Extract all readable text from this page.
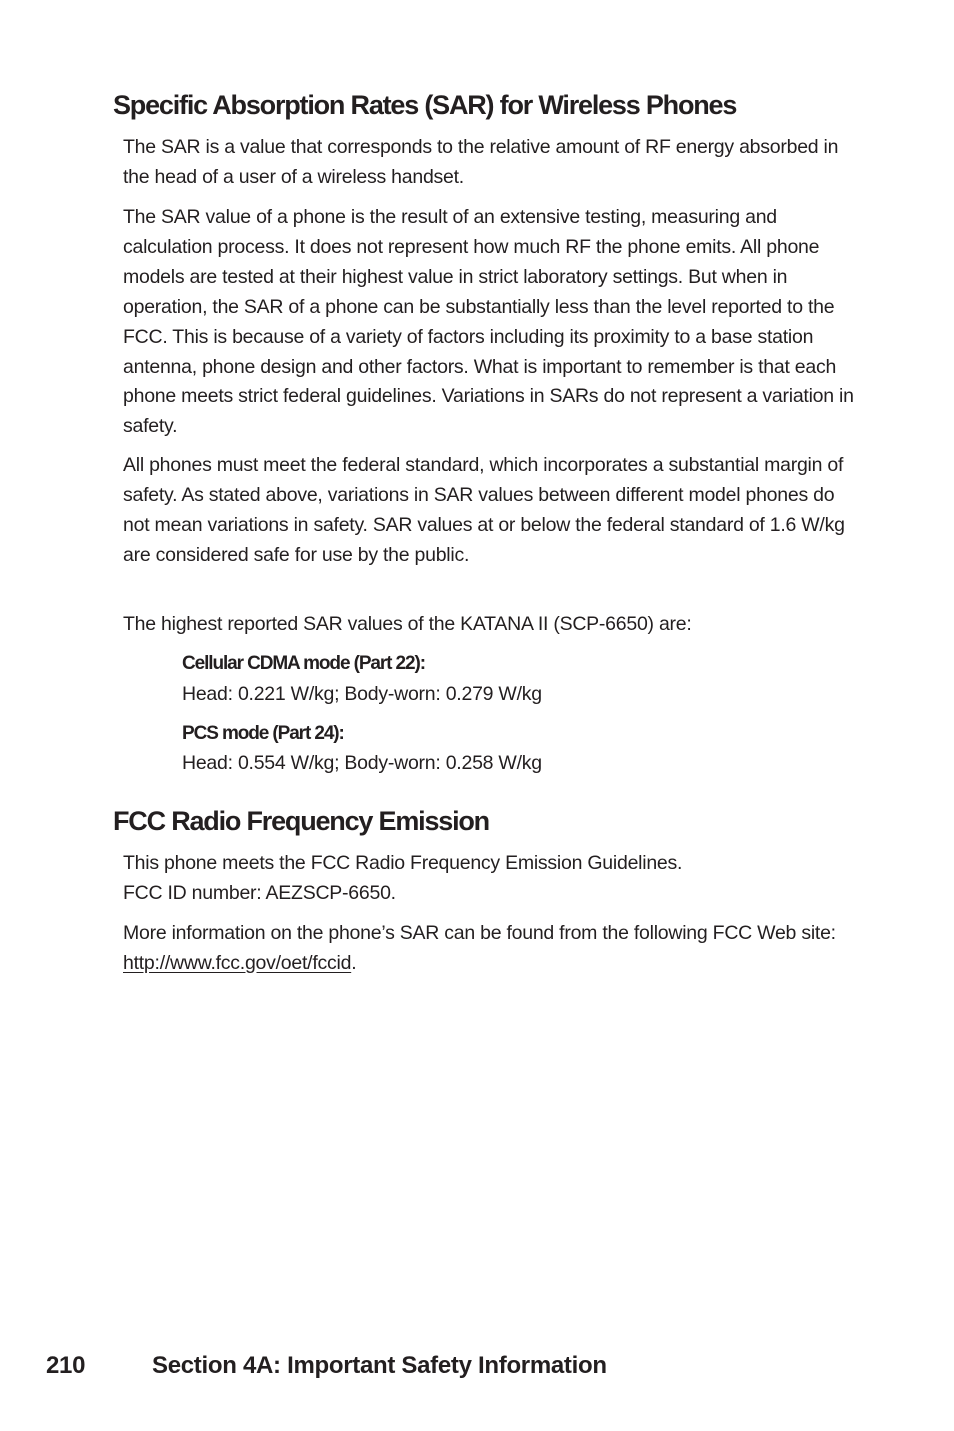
Specific Absorption Rates (SAR) for Wireless Phones

The SAR is a value that corresponds to the relative amount of RF energy absorbed in the head of a user of a wireless handset.

The SAR value of a phone is the result of an extensive testing, measuring and calculation process. It does not represent how much RF the phone emits. All phone models are tested at their highest value in strict laboratory settings. But when in operation, the SAR of a phone can be substantially less than the level reported to the FCC. This is because of a variety of factors including its proximity to a base station antenna, phone design and other factors. What is important to remember is that each phone meets strict federal guidelines. Variations in SARs do not represent a variation in safety.

All phones must meet the federal standard, which incorporates a substantial margin of safety. As stated above, variations in SAR values between different model phones do not mean variations in safety. SAR values at or below the federal standard of 1.6 W/kg are considered safe for use by the public.

The highest reported SAR values of the KATANA II (SCP-6650) are:

Cellular CDMA mode (Part 22):

Head: 0.221 W/kg; Body-worn: 0.279 W/kg

PCS mode (Part 24):

Head: 0.554 W/kg; Body-worn: 0.258 W/kg

FCC Radio Frequency Emission

This phone meets the FCC Radio Frequency Emission Guidelines.
FCC ID number: AEZSCP-6650.

More information on the phone’s SAR can be found from the following FCC Web site: http://www.fcc.gov/oet/fccid.

210	Section 4A: Important Safety Information
